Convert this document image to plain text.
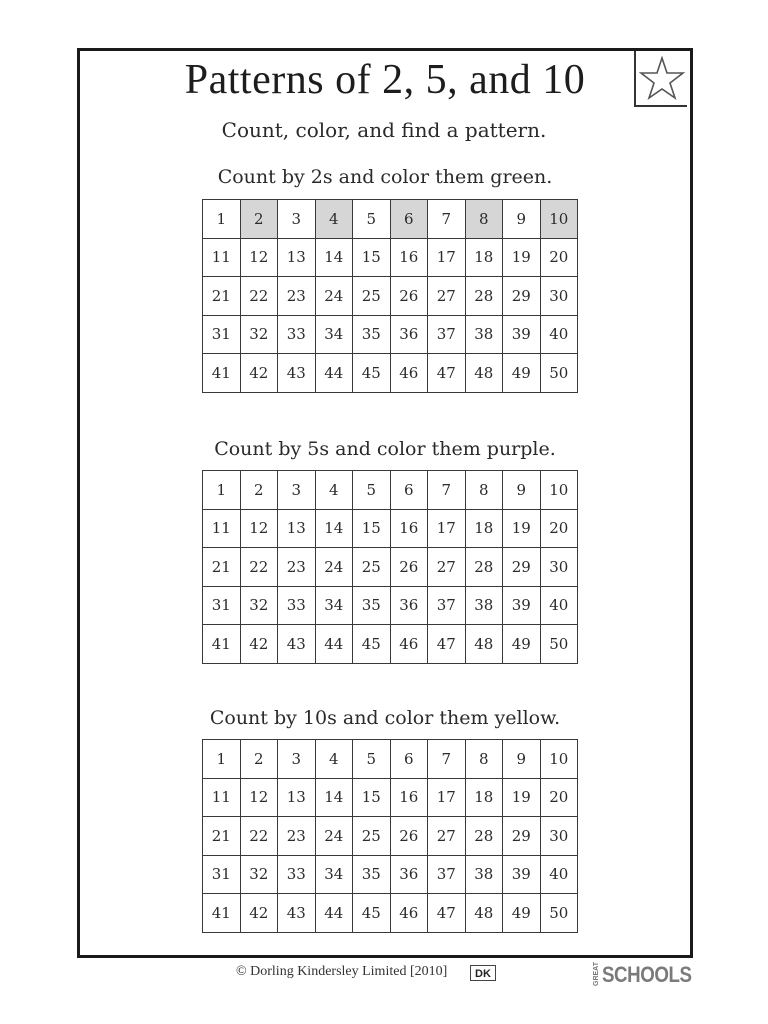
Patterns of 2, 5, and 10
Count, color, and find a pattern.
Count by 2s and color them green.
1	2	3	4	5	6	7	8	9	10
11	12	13	14	15	16	17	18	19	20
21	22	23	24	25	26	27	28	29	30
31	32	33	34	35	36	37	38	39	40
41	42	43	44	45	46	47	48	49	50
Count by 5s and color them purple.
1	2	3	4	5	6	7	8	9	10
11	12	13	14	15	16	17	18	19	20
21	22	23	24	25	26	27	28	29	30
31	32	33	34	35	36	37	38	39	40
41	42	43	44	45	46	47	48	49	50
Count by 10s and color them yellow.
1	2	3	4	5	6	7	8	9	10
11	12	13	14	15	16	17	18	19	20
21	22	23	24	25	26	27	28	29	30
31	32	33	34	35	36	37	38	39	40
41	42	43	44	45	46	47	48	49	50
© Dorling Kindersley Limited [2010]	DK	GREAT SCHOOLS
